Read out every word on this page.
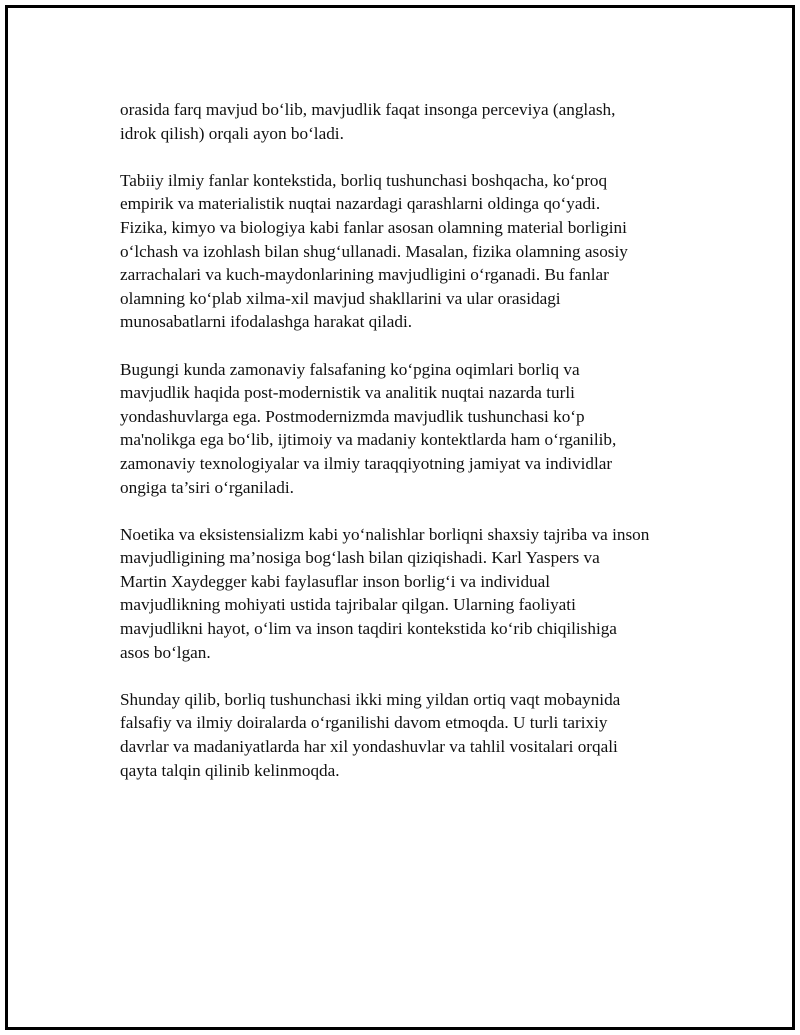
orasida farq mavjud bo‘lib, mavjudlik faqat insonga perceviya (anglash,
idrok qilish) orqali ayon bo‘ladi.

Tabiiy ilmiy fanlar kontekstida, borliq tushunchasi boshqacha, ko‘proq
empirik va materialistik nuqtai nazardagi qarashlarni oldinga qo‘yadi.
Fizika, kimyo va biologiya kabi fanlar asosan olamning material borligini
o‘lchash va izohlash bilan shug‘ullanadi. Masalan, fizika olamning asosiy
zarrachalari va kuch-maydonlarining mavjudligini o‘rganadi. Bu fanlar
olamning ko‘plab xilma-xil mavjud shakllarini va ular orasidagi
munosabatlarni ifodalashga harakat qiladi.

Bugungi kunda zamonaviy falsafaning ko‘pgina oqimlari borliq va
mavjudlik haqida post-modernistik va analitik nuqtai nazarda turli
yondashuvlarga ega. Postmodernizmda mavjudlik tushunchasi ko‘p
ma'nolikga ega bo‘lib, ijtimoiy va madaniy kontektlarda ham o‘rganilib,
zamonaviy texnologiyalar va ilmiy taraqqiyotning jamiyat va individlar
ongiga ta’siri o‘rganiladi.

Noetika va eksistensializm kabi yo‘nalishlar borliqni shaxsiy tajriba va inson
mavjudligining ma’nosiga bog‘lash bilan qiziqishadi. Karl Yaspers va
Martin Xaydegger kabi faylasuflar inson borlig‘i va individual
mavjudlikning mohiyati ustida tajribalar qilgan. Ularning faoliyati
mavjudlikni hayot, o‘lim va inson taqdiri kontekstida ko‘rib chiqilishiga
asos bo‘lgan.

Shunday qilib, borliq tushunchasi ikki ming yildan ortiq vaqt mobaynida
falsafiy va ilmiy doiralarda o‘rganilishi davom etmoqda. U turli tarixiy
davrlar va madaniyatlarda har xil yondashuvlar va tahlil vositalari orqali
qayta talqin qilinib kelinmoqda.
